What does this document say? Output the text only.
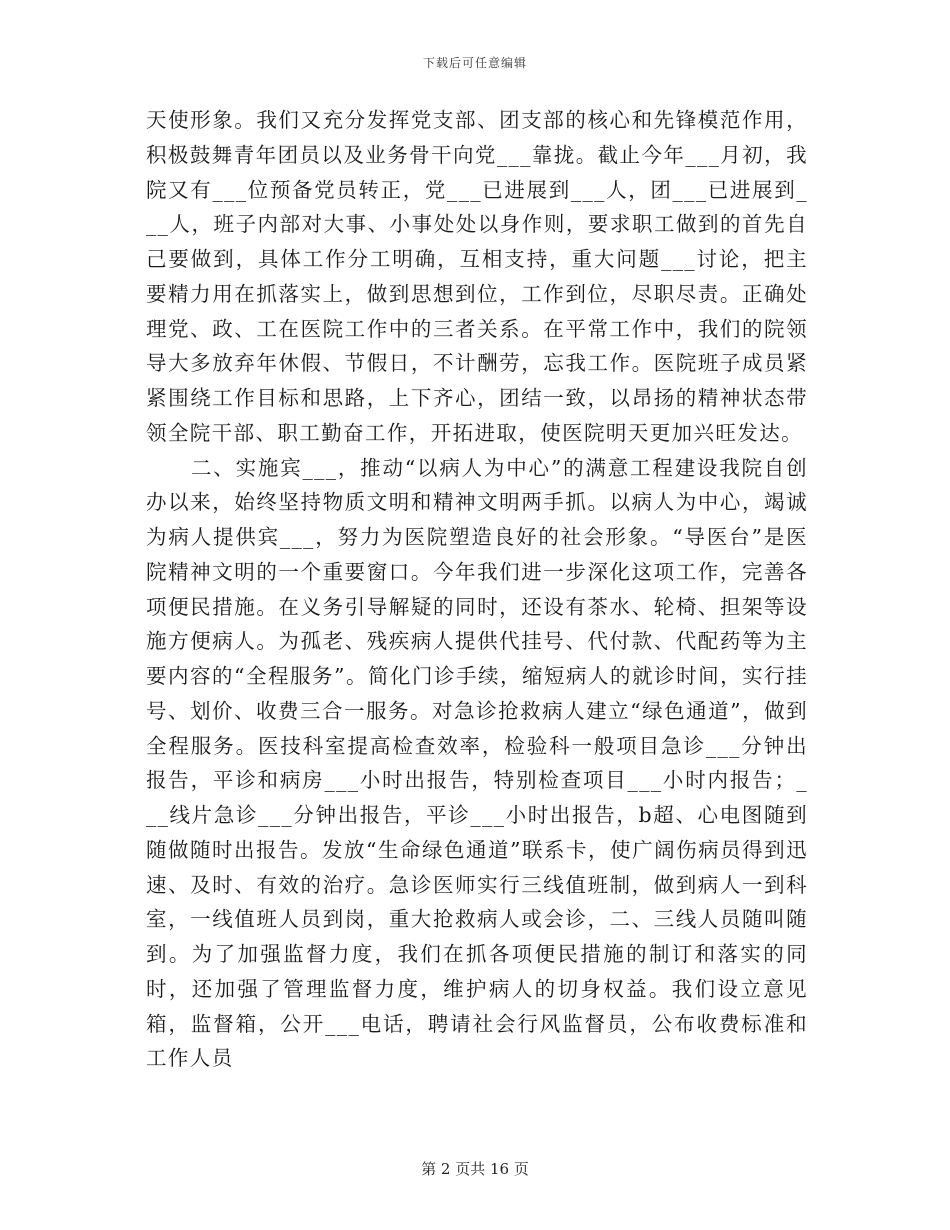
下载后可任意编辑

天使形象。我们又充分发挥党支部、团支部的核心和先锋模范作用，积极鼓舞青年团员以及业务骨干向党___靠拢。截止今年___月初，我院又有___位预备党员转正，党___已进展到___人，团___已进展到___人，班子内部对大事、小事处处以身作则，要求职工做到的首先自己要做到，具体工作分工明确，互相支持，重大问题___讨论，把主要精力用在抓落实上，做到思想到位，工作到位，尽职尽责。正确处理党、政、工在医院工作中的三者关系。在平常工作中，我们的院领导大多放弃年休假、节假日，不计酬劳，忘我工作。医院班子成员紧紧围绕工作目标和思路，上下齐心，团结一致，以昂扬的精神状态带领全院干部、职工勤奋工作，开拓进取，使医院明天更加兴旺发达。

二、实施宾___，推动“以病人为中心”的满意工程建设我院自创办以来，始终坚持物质文明和精神文明两手抓。以病人为中心，竭诚为病人提供宾___，努力为医院塑造良好的社会形象。“导医台”是医院精神文明的一个重要窗口。今年我们进一步深化这项工作，完善各项便民措施。在义务引导解疑的同时，还设有茶水、轮椅、担架等设施方便病人。为孤老、残疾病人提供代挂号、代付款、代配药等为主要内容的“全程服务”。简化门诊手续，缩短病人的就诊时间，实行挂号、划价、收费三合一服务。对急诊抢救病人建立“绿色通道”，做到全程服务。医技科室提高检查效率，检验科一般项目急诊___分钟出报告，平诊和病房___小时出报告，特别检查项目___小时内报告；___线片急诊___分钟出报告，平诊___小时出报告，b超、心电图随到随做随时出报告。发放“生命绿色通道”联系卡，使广阔伤病员得到迅速、及时、有效的治疗。急诊医师实行三线值班制，做到病人一到科室，一线值班人员到岗，重大抢救病人或会诊，二、三线人员随叫随到。为了加强监督力度，我们在抓各项便民措施的制订和落实的同时，还加强了管理监督力度，维护病人的切身权益。我们设立意见箱，监督箱，公开___电话，聘请社会行风监督员，公布收费标准和工作人员

第 2 页共 16 页
